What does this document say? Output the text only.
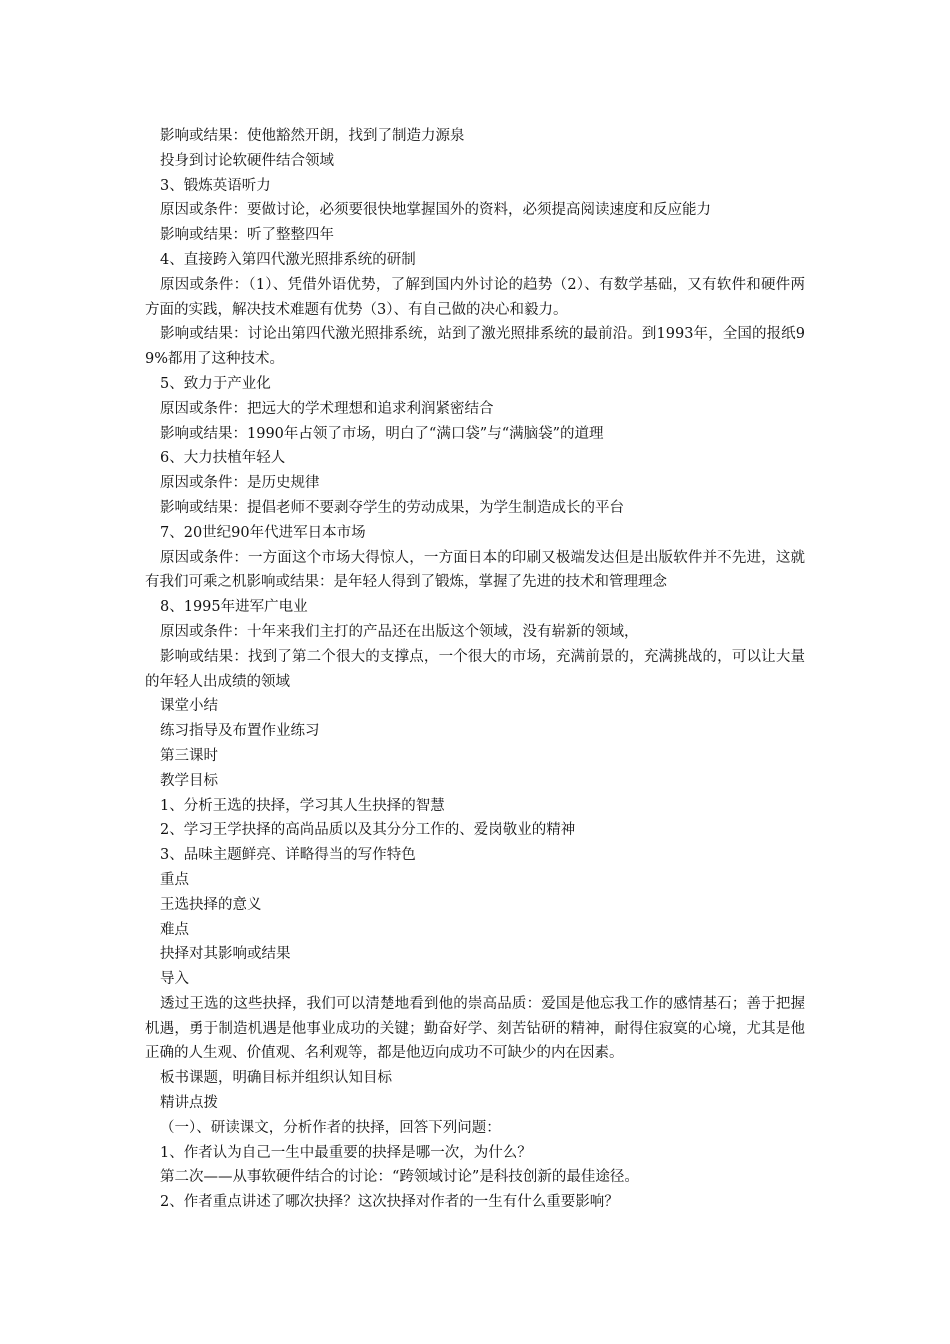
影响或结果：使他豁然开朗，找到了制造力源泉

投身到讨论软硬件结合领域

3、锻炼英语听力

原因或条件：要做讨论，必须要很快地掌握国外的资料，必须提高阅读速度和反应能力

影响或结果：听了整整四年

4、直接跨入第四代激光照排系统的研制

原因或条件：（1）、凭借外语优势，了解到国内外讨论的趋势（2）、有数学基础，又有软件和硬件两方面的实践，解决技术难题有优势（3）、有自己做的决心和毅力。

影响或结果：讨论出第四代激光照排系统，站到了激光照排系统的最前沿。到1993年，全国的报纸99%都用了这种技术。

5、致力于产业化

原因或条件：把远大的学术理想和追求利润紧密结合

影响或结果：1990年占领了市场，明白了“满口袋”与“满脑袋”的道理

6、大力扶植年轻人

原因或条件：是历史规律

影响或结果：提倡老师不要剥夺学生的劳动成果，为学生制造成长的平台

7、20世纪90年代进军日本市场

原因或条件：一方面这个市场大得惊人，一方面日本的印刷又极端发达但是出版软件并不先进，这就有我们可乘之机影响或结果：是年轻人得到了锻炼，掌握了先进的技术和管理理念

8、1995年进军广电业

原因或条件：十年来我们主打的产品还在出版这个领域，没有崭新的领域，

影响或结果：找到了第二个很大的支撑点，一个很大的市场，充满前景的，充满挑战的，可以让大量的年轻人出成绩的领域

课堂小结

练习指导及布置作业练习

第三课时

教学目标

1、分析王选的抉择，学习其人生抉择的智慧

2、学习王学抉择的高尚品质以及其分分工作的、爱岗敬业的精神

3、品味主题鲜亮、详略得当的写作特色

重点

王选抉择的意义

难点

抉择对其影响或结果

导入

透过王选的这些抉择，我们可以清楚地看到他的崇高品质：爱国是他忘我工作的感情基石；善于把握机遇，勇于制造机遇是他事业成功的关键；勤奋好学、刻苦钻研的精神，耐得住寂寞的心境，尤其是他正确的人生观、价值观、名利观等，都是他迈向成功不可缺少的内在因素。

板书课题，明确目标并组织认知目标

精讲点拨

（一）、研读课文，分析作者的抉择，回答下列问题：

1、作者认为自己一生中最重要的抉择是哪一次，为什么？

第二次——从事软硬件结合的讨论：“跨领域讨论”是科技创新的最佳途径。

2、作者重点讲述了哪次抉择？这次抉择对作者的一生有什么重要影响？
